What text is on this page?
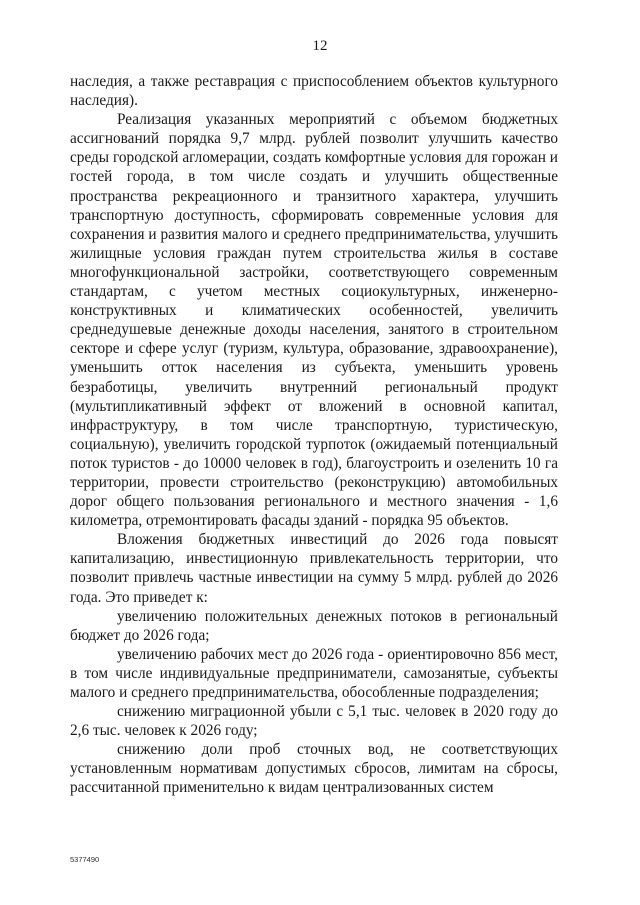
12

наследия, а также реставрация с приспособлением объектов культурного наследия).

Реализация указанных мероприятий с объемом бюджетных ассигнований порядка 9,7 млрд. рублей позволит улучшить качество среды городской агломерации, создать комфортные условия для горожан и гостей города, в том числе создать и улучшить общественные пространства рекреационного и транзитного характера, улучшить транспортную доступность, сформировать современные условия для сохранения и развития малого и среднего предпринимательства, улучшить жилищные условия граждан путем строительства жилья в составе многофункциональной застройки, соответствующего современным стандартам, с учетом местных социокультурных, инженерно-конструктивных и климатических особенностей, увеличить среднедушевые денежные доходы населения, занятого в строительном секторе и сфере услуг (туризм, культура, образование, здравоохранение), уменьшить отток населения из субъекта, уменьшить уровень безработицы, увеличить внутренний региональный продукт (мультипликативный эффект от вложений в основной капитал, инфраструктуру, в том числе транспортную, туристическую, социальную), увеличить городской турпоток (ожидаемый потенциальный поток туристов - до 10000 человек в год), благоустроить и озеленить 10 га территории, провести строительство (реконструкцию) автомобильных дорог общего пользования регионального и местного значения - 1,6 километра, отремонтировать фасады зданий - порядка 95 объектов.

Вложения бюджетных инвестиций до 2026 года повысят капитализацию, инвестиционную привлекательность территории, что позволит привлечь частные инвестиции на сумму 5 млрд. рублей до 2026 года. Это приведет к:

увеличению положительных денежных потоков в региональный бюджет до 2026 года;

увеличению рабочих мест до 2026 года - ориентировочно 856 мест, в том числе индивидуальные предприниматели, самозанятые, субъекты малого и среднего предпринимательства, обособленные подразделения;

снижению миграционной убыли с 5,1 тыс. человек в 2020 году до 2,6 тыс. человек к 2026 году;

снижению доли проб сточных вод, не соответствующих установленным нормативам допустимых сбросов, лимитам на сбросы, рассчитанной применительно к видам централизованных систем

5377490
